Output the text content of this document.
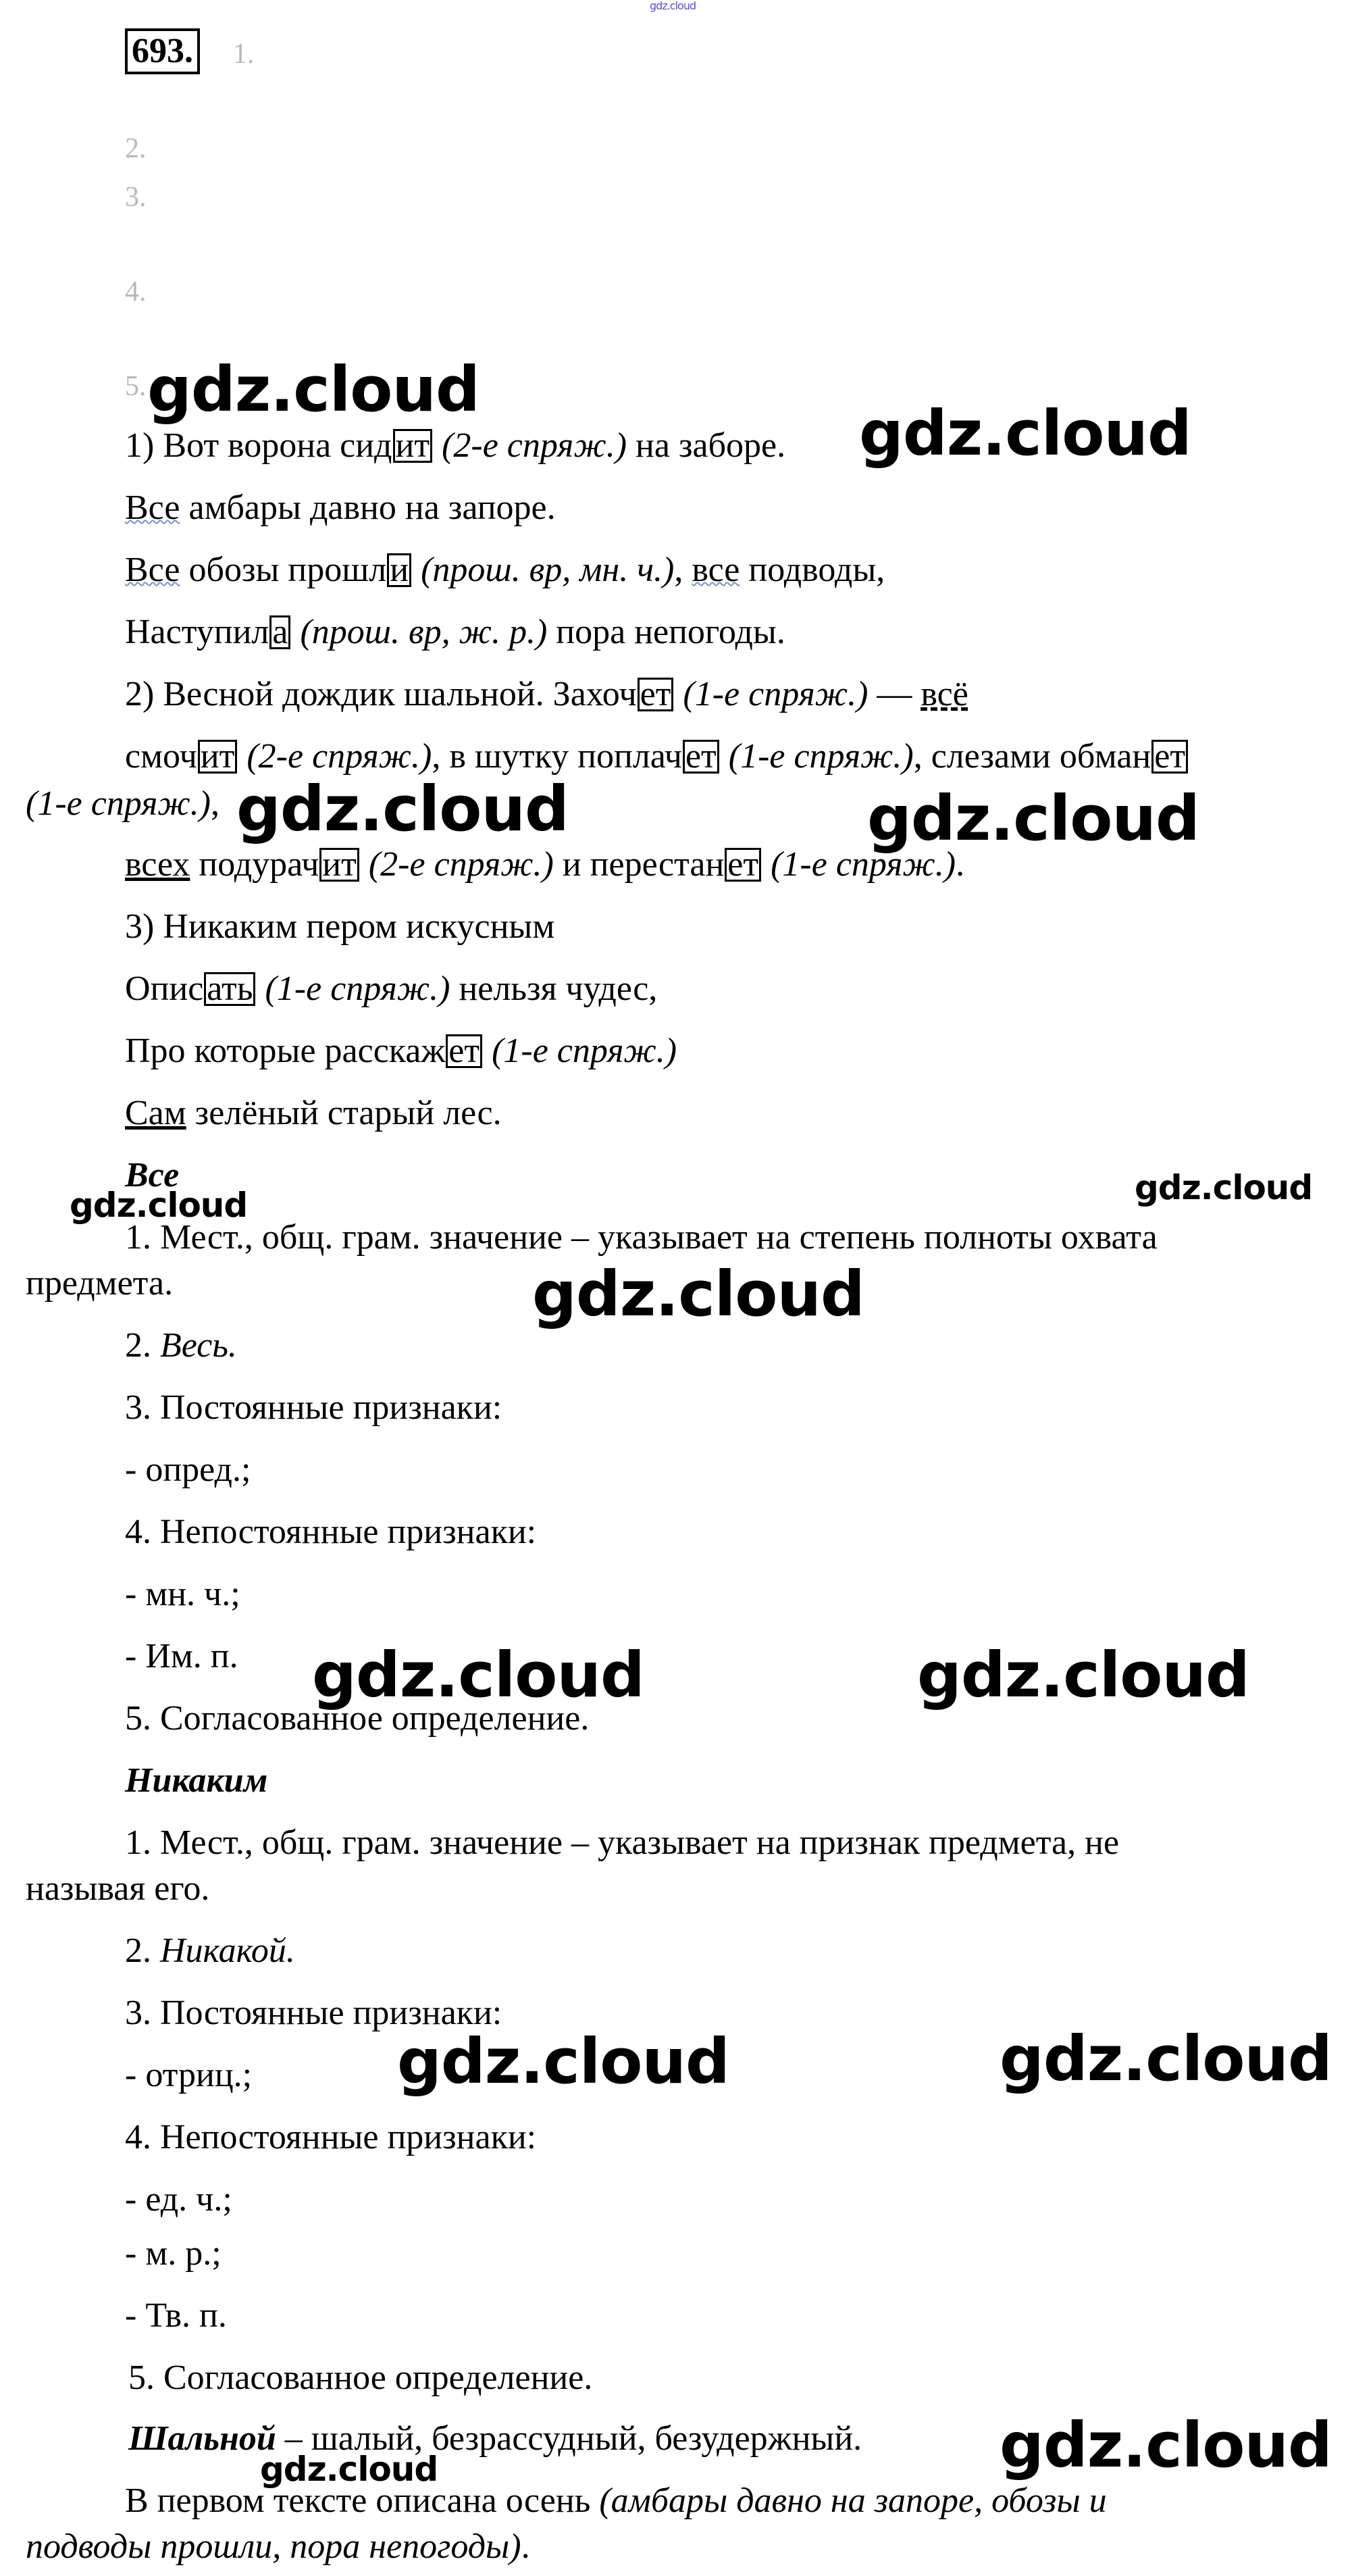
gdz.cloud
693. 1.
2.
3.
4.
5.
1) Вот ворона сидит (2-е спряж.) на заборе.
Все амбары давно на запоре.
Все обозы прошли (прош. вр, мн. ч.), все подводы,
Наступила (прош. вр, ж. р.) пора непогоды.
2) Весной дождик шальной. Захочет (1-е спряж.) — всё
смочит (2-е спряж.), в шутку поплачет (1-е спряж.), слезами обманет
(1-е спряж.),
всех подурачит (2-е спряж.) и перестанет (1-е спряж.).
3) Никаким пером искусным
Описать (1-е спряж.) нельзя чудес,
Про которые расскажет (1-е спряж.)
Сам зелёный старый лес.
Все
1. Мест., общ. грам. значение – указывает на степень полноты охвата
предмета.
2. Весь.
3. Постоянные признаки:
- опред.;
4. Непостоянные признаки:
- мн. ч.;
- Им. п.
5. Согласованное определение.
Никаким
1. Мест., общ. грам. значение – указывает на признак предмета, не
называя его.
2. Никакой.
3. Постоянные признаки:
- отриц.;
4. Непостоянные признаки:
- ед. ч.;
- м. р.;
- Тв. п.
5. Согласованное определение.
Шальной – шалый, безрассудный, безудержный.
В первом тексте описана осень (амбары давно на запоре, обозы и
подводы прошли, пора непогоды).
gdz.cloud
gdz.cloud
gdz.cloud	gdz.cloud
gdz.cloud
gdz.cloud
gdz.cloud
gdz.cloud	gdz.cloud
gdz.cloud	gdz.cloud
gdz.cloud
gdz.cloud
